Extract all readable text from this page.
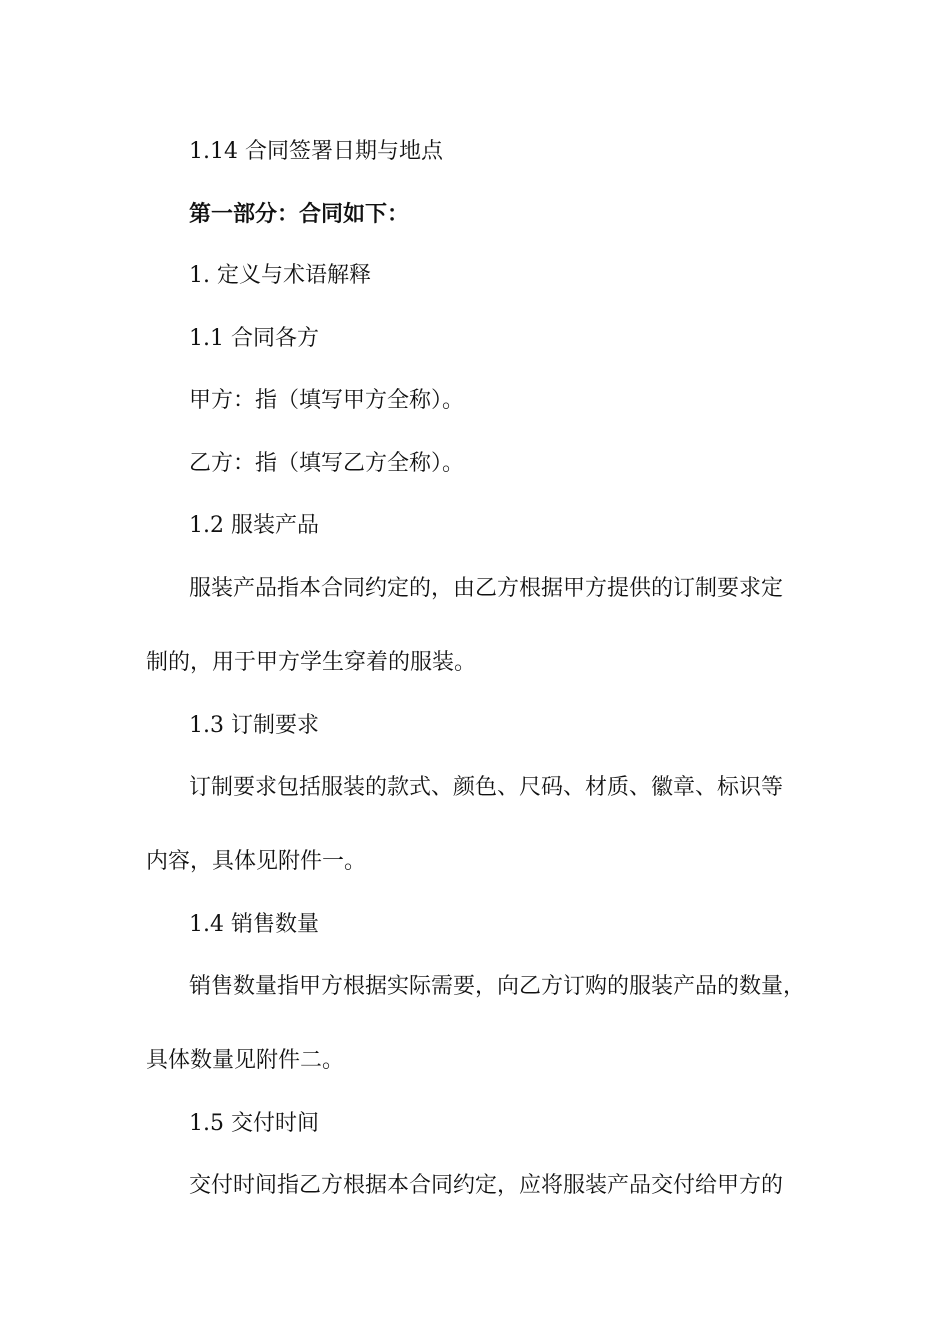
1.14 合同签署日期与地点
第一部分：合同如下：
1. 定义与术语解释
1.1 合同各方
甲方：指（填写甲方全称）。
乙方：指（填写乙方全称）。
1.2 服装产品
服装产品指本合同约定的，由乙方根据甲方提供的订制要求定
制的，用于甲方学生穿着的服装。
1.3 订制要求
订制要求包括服装的款式、颜色、尺码、材质、徽章、标识等
内容，具体见附件一。
1.4 销售数量
销售数量指甲方根据实际需要，向乙方订购的服装产品的数量，
具体数量见附件二。
1.5 交付时间
交付时间指乙方根据本合同约定，应将服装产品交付给甲方的
